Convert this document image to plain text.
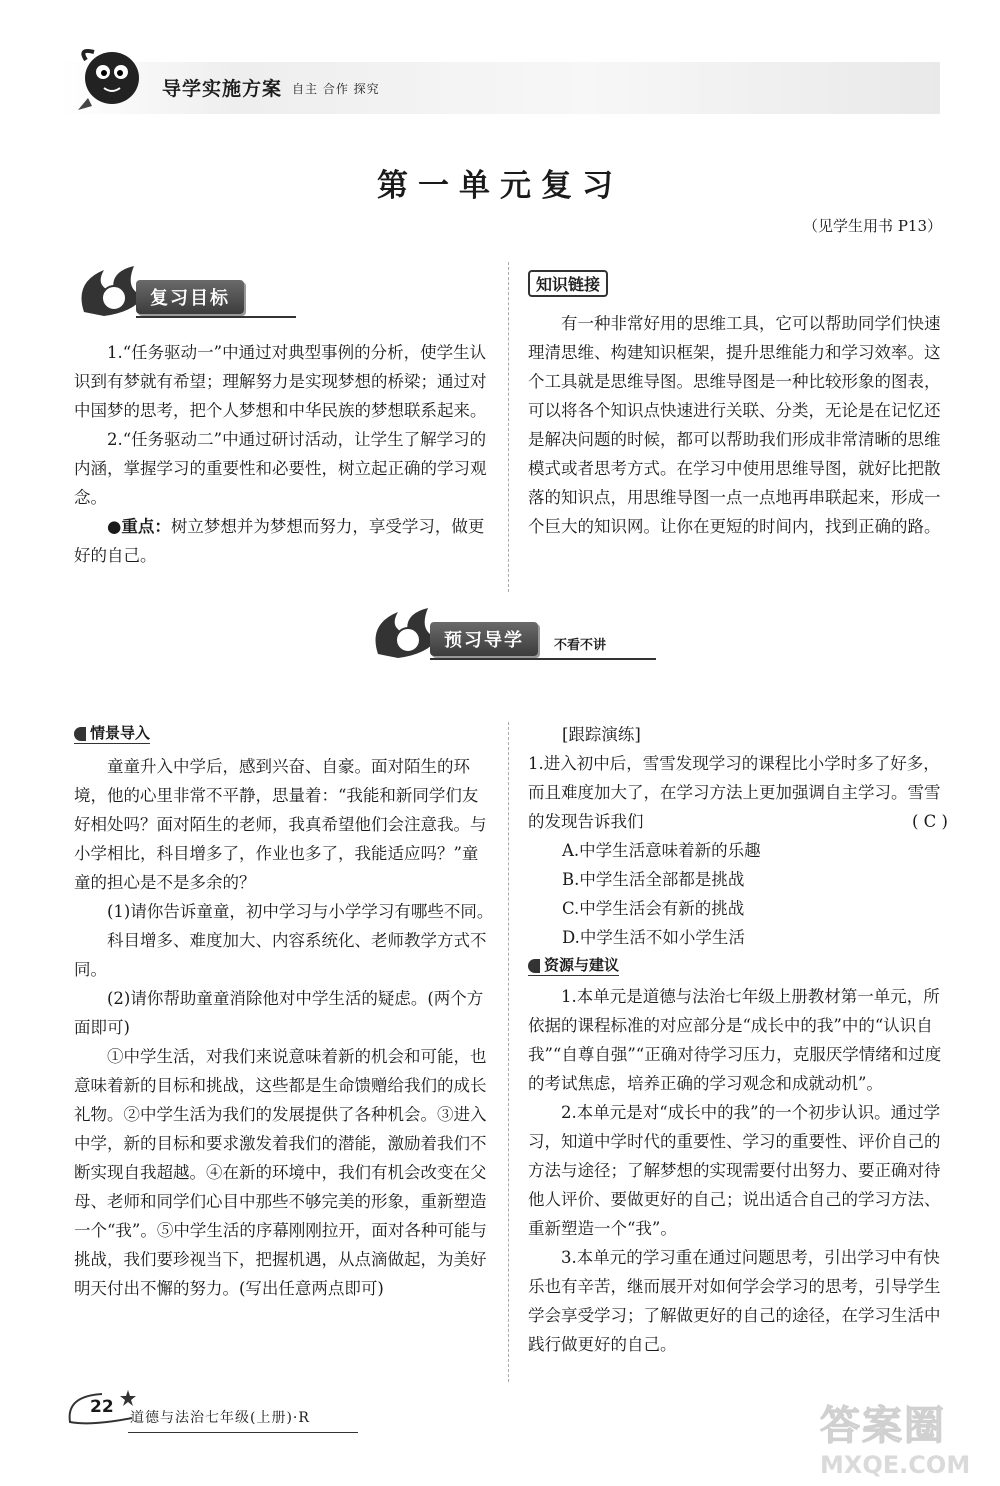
导学实施方案 自主 合作 探究
第一单元复习
（见学生用书 P13）
复习目标

1.“任务驱动一”中通过对典型事例的分析，使学生认识到有梦就有希望；理解努力是实现梦想的桥梁；通过对中国梦的思考，把个人梦想和中华民族的梦想联系起来。

2.“任务驱动二”中通过研讨活动，让学生了解学习的内涵，掌握学习的重要性和必要性，树立起正确的学习观念。

●重点：树立梦想并为梦想而努力，享受学习，做更好的自己。

知识链接

有一种非常好用的思维工具，它可以帮助同学们快速理清思维、构建知识框架，提升思维能力和学习效率。这个工具就是思维导图。思维导图是一种比较形象的图表，可以将各个知识点快速进行关联、分类，无论是在记忆还是解决问题的时候，都可以帮助我们形成非常清晰的思维模式或者思考方式。在学习中使用思维导图，就好比把散落的知识点，用思维导图一点一点地再串联起来，形成一个巨大的知识网。让你在更短的时间内，找到正确的路。

预习导学	不看不讲
情景导入

童童升入中学后，感到兴奋、自豪。面对陌生的环境，他的心里非常不平静，思量着：“我能和新同学们友好相处吗？面对陌生的老师，我真希望他们会注意我。与小学相比，科目增多了，作业也多了，我能适应吗？”童童的担心是不是多余的？

(1)请你告诉童童，初中学习与小学学习有哪些不同。

科目增多、难度加大、内容系统化、老师教学方式不同。

(2)请你帮助童童消除他对中学生活的疑虑。(两个方面即可)

①中学生活，对我们来说意味着新的机会和可能，也意味着新的目标和挑战，这些都是生命馈赠给我们的成长礼物。②中学生活为我们的发展提供了各种机会。③进入中学，新的目标和要求激发着我们的潜能，激励着我们不断实现自我超越。④在新的环境中，我们有机会改变在父母、老师和同学们心目中那些不够完美的形象，重新塑造一个“我”。⑤中学生活的序幕刚刚拉开，面对各种可能与挑战，我们要珍视当下，把握机遇，从点滴做起，为美好明天付出不懈的努力。(写出任意两点即可)

[跟踪演练]

1.进入初中后，雪雪发现学习的课程比小学时多了好多，而且难度加大了，在学习方法上更加强调自主学习。雪雪的发现告诉我们	( C )

A.中学生活意味着新的乐趣

B.中学生活全部都是挑战

C.中学生活会有新的挑战

D.中学生活不如小学生活

资源与建议

1.本单元是道德与法治七年级上册教材第一单元，所依据的课程标准的对应部分是“成长中的我”中的“认识自我”“自尊自强”“正确对待学习压力，克服厌学情绪和过度的考试焦虑，培养正确的学习观念和成就动机”。

2.本单元是对“成长中的我”的一个初步认识。通过学习，知道中学时代的重要性、学习的重要性、评价自己的方法与途径；了解梦想的实现需要付出努力、要正确对待他人评价、要做更好的自己；说出适合自己的学习方法、重新塑造一个“我”。

3.本单元的学习重在通过问题思考，引出学习中有快乐也有辛苦，继而展开对如何学会学习的思考，引导学生学会享受学习；了解做更好的自己的途径，在学习生活中践行做更好的自己。

22
道德与法治七年级(上册)·R	答案圈
MXQE.COM
